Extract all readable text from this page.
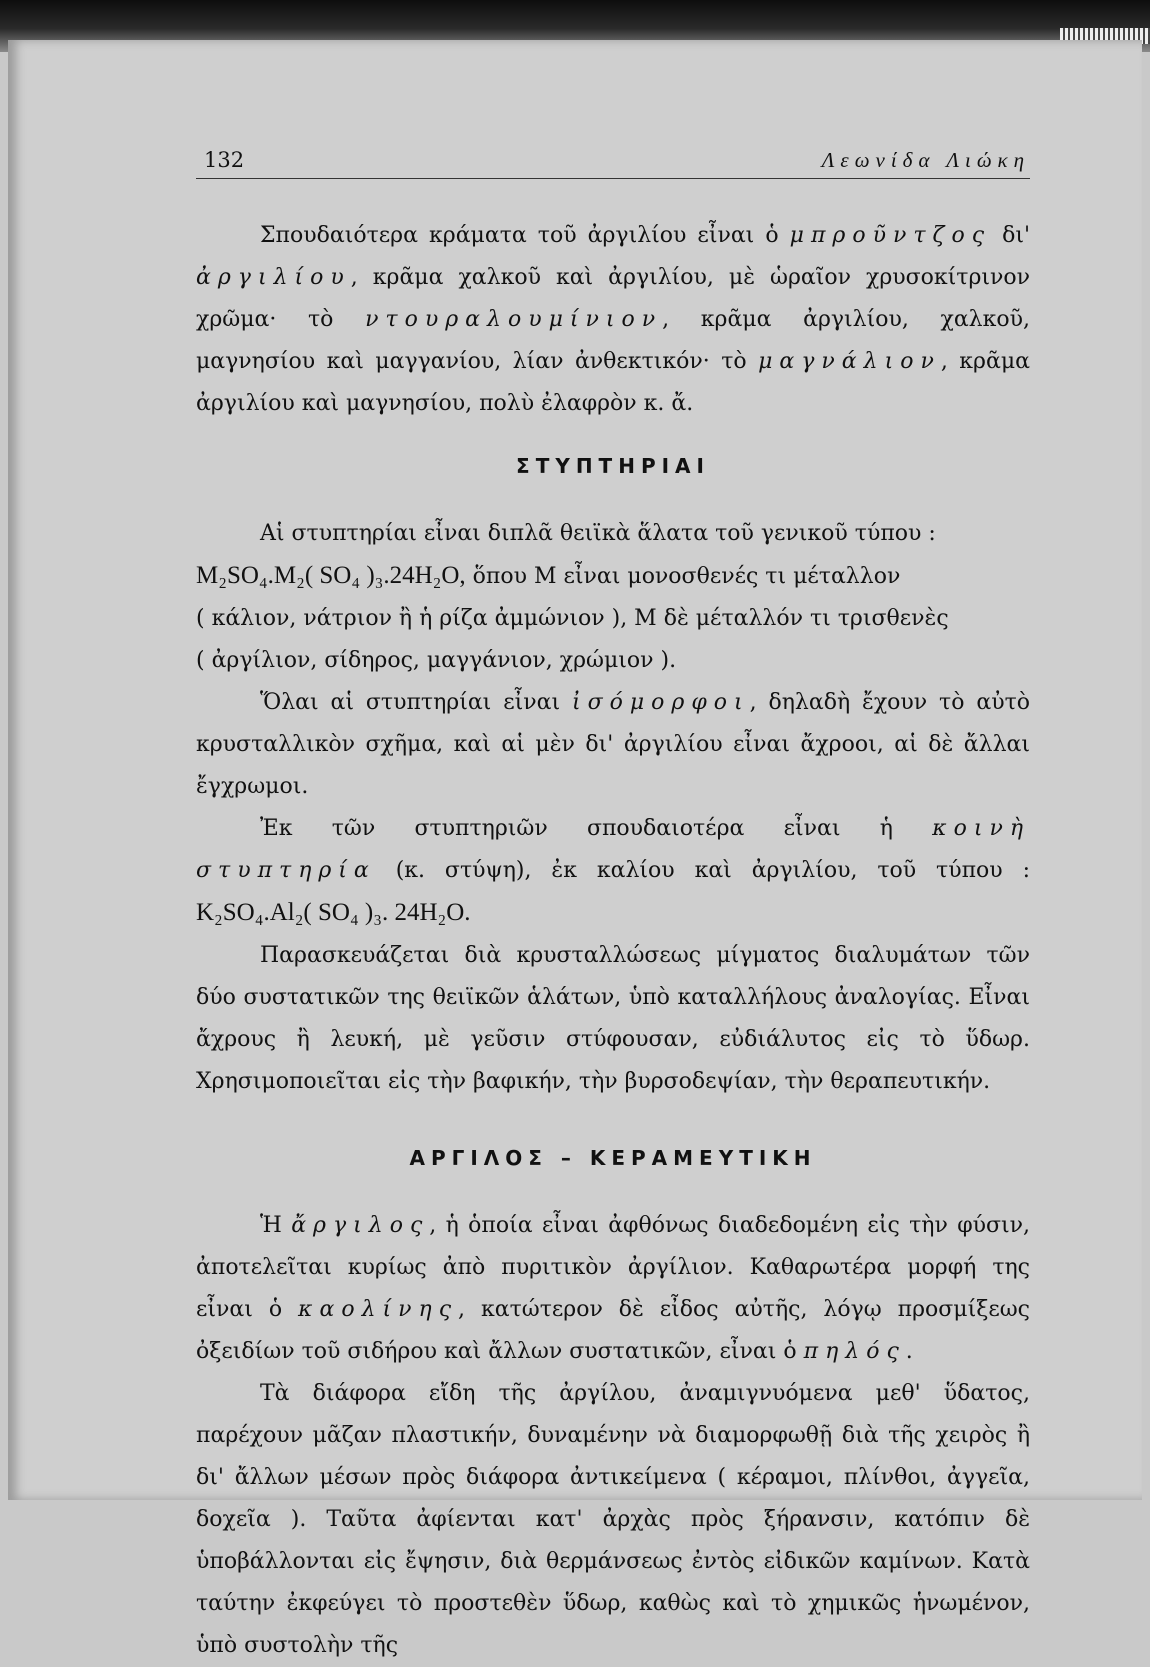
132	Λεωνίδα Λιώκη

Σπουδαιότερα κράματα τοῦ ἀργιλίου εἶναι ὁ μπροῦντζος δι' ἀργιλίου, κρᾶμα χαλκοῦ καὶ ἀργιλίου, μὲ ὡραῖον χρυσοκίτρινον χρῶμα· τὸ ντουραλουμίνιον, κρᾶμα ἀργιλίου, χαλκοῦ, μαγνησίου καὶ μαγγανίου, λίαν ἀνθεκτικόν· τὸ μαγνάλιον, κρᾶμα ἀργιλίου καὶ μαγνησίου, πολὺ ἐλαφρὸν κ. ἄ.

ΣΤΥΠΤΗΡΙΑΙ

Αἱ στυπτηρίαι εἶναι διπλᾶ θειϊκὰ ἅλατα τοῦ γενικοῦ τύπου :

M₂SO₄.M₂( SO₄ )₃.24H₂O, ὅπου M εἶναι μονοσθενές τι μέταλλον
( κάλιον, νάτριον ἢ ἡ ρίζα ἀμμώνιον ), M δὲ μέταλλόν τι τρισθενὲς
( ἀργίλιον, σίδηρος, μαγγάνιον, χρώμιον ).

Ὅλαι αἱ στυπτηρίαι εἶναι ἰσόμορφοι, δηλαδὴ ἔχουν τὸ αὐτὸ κρυσταλλικὸν σχῆμα, καὶ αἱ μὲν δι' ἀργιλίου εἶναι ἄχροοι, αἱ δὲ ἄλλαι ἔγχρωμοι.

Ἐκ τῶν στυπτηριῶν σπουδαιοτέρα εἶναι ἡ κοινὴ στυπτηρία (κ. στύψη), ἐκ καλίου καὶ ἀργιλίου, τοῦ τύπου : K₂SO₄.Al₂( SO₄ )₃. 24H₂O.

Παρασκευάζεται διὰ κρυσταλλώσεως μίγματος διαλυμάτων τῶν δύο συστατικῶν της θειϊκῶν ἁλάτων, ὑπὸ καταλλήλους ἀναλογίας. Εἶναι ἄχρους ἢ λευκή, μὲ γεῦσιν στύφουσαν, εὐδιάλυτος εἰς τὸ ὕδωρ. Χρησιμοποιεῖται εἰς τὴν βαφικήν, τὴν βυρσοδεψίαν, τὴν θεραπευτικήν.

ΑΡΓΙΛΟΣ – ΚΕΡΑΜΕΥΤΙΚΗ

Ἡ ἄργιλος, ἡ ὁποία εἶναι ἀφθόνως διαδεδομένη εἰς τὴν φύσιν, ἀποτελεῖται κυρίως ἀπὸ πυριτικὸν ἀργίλιον. Καθαρωτέρα μορφή της εἶναι ὁ καολίνης, κατώτερον δὲ εἶδος αὐτῆς, λόγῳ προσμίξεως ὀξειδίων τοῦ σιδήρου καὶ ἄλλων συστατικῶν, εἶναι ὁ πηλός.

Τὰ διάφορα εἴδη τῆς ἀργίλου, ἀναμιγνυόμενα μεθ' ὕδατος, παρέχουν μᾶζαν πλαστικήν, δυναμένην νὰ διαμορφωθῇ διὰ τῆς χειρὸς ἢ δι' ἄλλων μέσων πρὸς διάφορα ἀντικείμενα ( κέραμοι, πλίνθοι, ἀγγεῖα, δοχεῖα ). Ταῦτα ἀφίενται κατ' ἀρχὰς πρὸς ξήρανσιν, κατόπιν δὲ ὑποβάλλονται εἰς ἔψησιν, διὰ θερμάνσεως ἐντὸς εἰδικῶν καμίνων. Κατὰ ταύτην ἐκφεύγει τὸ προστεθὲν ὕδωρ, καθὼς καὶ τὸ χημικῶς ἡνωμένον, ὑπὸ συστολὴν τῆς
